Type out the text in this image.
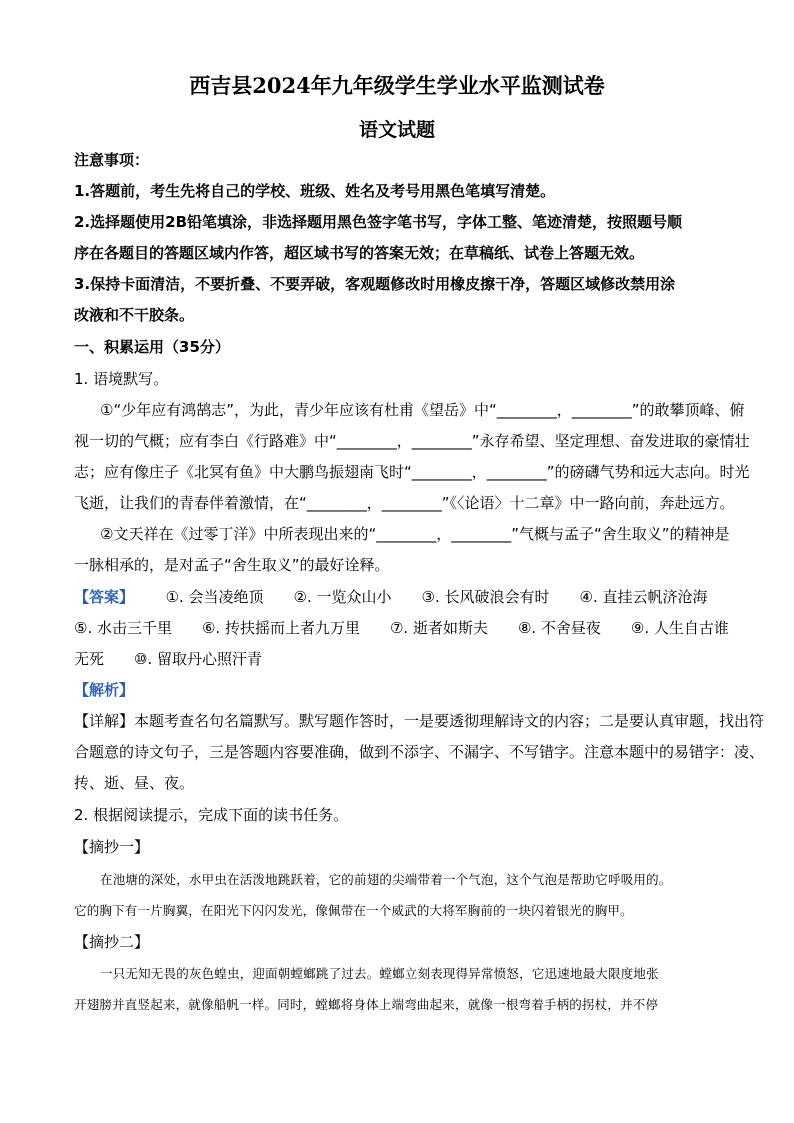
西吉县2024年九年级学生学业水平监测试卷
语文试题
注意事项：
1.答题前，考生先将自己的学校、班级、姓名及考号用黑色笔填写清楚。
2.选择题使用2B铅笔填涂，非选择题用黑色签字笔书写，字体工整、笔迹清楚，按照题号顺
序在各题目的答题区域内作答，超区域书写的答案无效；在草稿纸、试卷上答题无效。
3.保持卡面清洁，不要折叠、不要弄破，客观题修改时用橡皮擦干净，答题区域修改禁用涂
改液和不干胶条。
一、积累运用（35分）
1. 语境默写。
①“少年应有鸿鹄志”，为此，青少年应该有杜甫《望岳》中“________，________”的敢攀顶峰、俯
视一切的气概；应有李白《行路难》中“________，________”永存希望、坚定理想、奋发进取的豪情壮
志；应有像庄子《北冥有鱼》中大鹏鸟振翅南飞时“________，________”的磅礴气势和远大志向。时光
飞逝，让我们的青春伴着激情，在“________，________”《〈论语〉十二章》中一路向前，奔赴远方。
②文天祥在《过零丁洋》中所表现出来的“________，________”气概与孟子“舍生取义”的精神是
一脉相承的，是对孟子“舍生取义”的最好诠释。
【答案】 ①. 会当凌绝顶　　②. 一览众山小　　③. 长风破浪会有时　　④. 直挂云帆济沧海
⑤. 水击三千里　　⑥. 抟扶摇而上者九万里　　⑦. 逝者如斯夫　　⑧. 不舍昼夜　　⑨. 人生自古谁
无死　　⑩. 留取丹心照汗青
【解析】
【详解】本题考查名句名篇默写。默写题作答时，一是要透彻理解诗文的内容；二是要认真审题，找出符
合题意的诗文句子，三是答题内容要准确，做到不添字、不漏字、不写错字。注意本题中的易错字：凌、
抟、逝、昼、夜。
2. 根据阅读提示，完成下面的读书任务。
【摘抄一】
在池塘的深处，水甲虫在活泼地跳跃着，它的前翅的尖端带着一个气泡，这个气泡是帮助它呼吸用的。
它的胸下有一片胸翼，在阳光下闪闪发光，像佩带在一个威武的大将军胸前的一块闪着银光的胸甲。
【摘抄二】
一只无知无畏的灰色蝗虫，迎面朝螳螂跳了过去。螳螂立刻表现得异常愤怒，它迅速地最大限度地张
开翅膀并直竖起来，就像船帆一样。同时，螳螂将身体上端弯曲起来，就像一根弯着手柄的拐杖，并不停
